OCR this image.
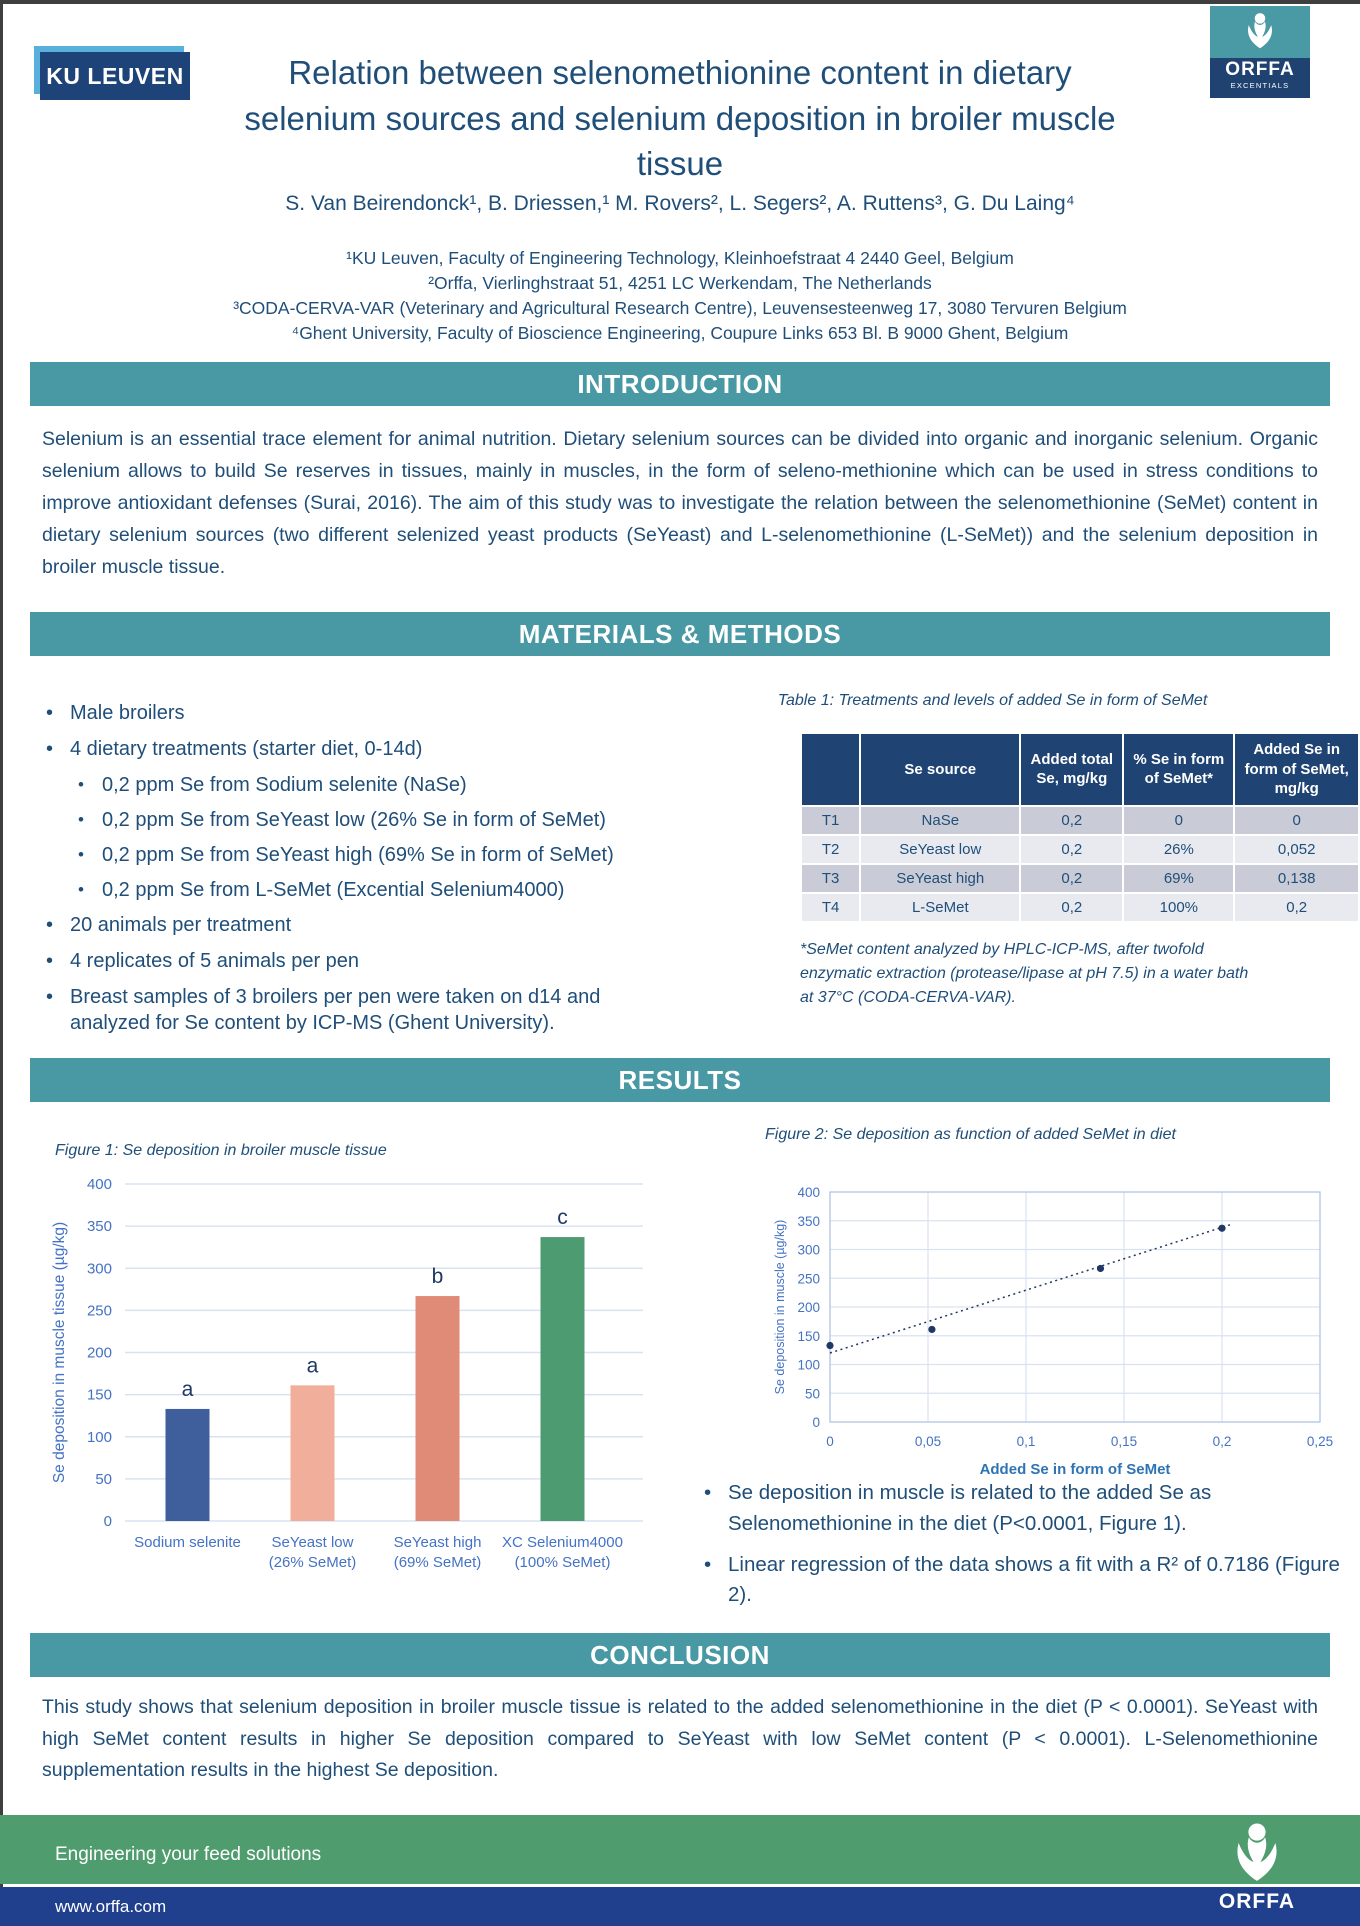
KU LEUVEN	ORFFA
EXCENTIALS
Relation between selenomethionine content in dietary
selenium sources and selenium deposition in broiler muscle
tissue
S. Van Beirendonck¹, B. Driessen,¹ M. Rovers², L. Segers², A. Ruttens³, G. Du Laing⁴
¹KU Leuven, Faculty of Engineering Technology, Kleinhoefstraat 4 2440 Geel, Belgium
²Orffa, Vierlinghstraat 51, 4251 LC Werkendam, The Netherlands
³CODA-CERVA-VAR (Veterinary and Agricultural Research Centre), Leuvensesteenweg 17, 3080 Tervuren Belgium
⁴Ghent University, Faculty of Bioscience Engineering, Coupure Links 653 Bl. B 9000 Ghent, Belgium
INTRODUCTION
Selenium is an essential trace element for animal nutrition. Dietary selenium sources can be divided into organic and inorganic selenium. Organic selenium allows to build Se reserves in tissues, mainly in muscles, in the form of seleno-methionine which can be used in stress conditions to improve antioxidant defenses (Surai, 2016). The aim of this study was to investigate the relation between the selenomethionine (SeMet) content in dietary selenium sources (two different selenized yeast products (SeYeast) and L-selenomethionine (L-SeMet)) and the selenium deposition in broiler muscle tissue.
MATERIALS & METHODS
• Male broilers
• 4 dietary treatments (starter diet, 0-14d)
• 0,2 ppm Se from Sodium selenite (NaSe)
• 0,2 ppm Se from SeYeast low (26% Se in form of SeMet)
• 0,2 ppm Se from SeYeast high (69% Se in form of SeMet)
• 0,2 ppm Se from L-SeMet (Excential Selenium4000)
• 20 animals per treatment
• 4 replicates of 5 animals per pen
• Breast samples of 3 broilers per pen were taken on d14 and analyzed for Se content by ICP-MS (Ghent University).
Table 1: Treatments and levels of added Se in form of SeMet
	Se source	Added total Se, mg/kg	% Se in form of SeMet*	Added Se in form of SeMet, mg/kg
T1	NaSe	0,2	0	0
T2	SeYeast low	0,2	26%	0,052
T3	SeYeast high	0,2	69%	0,138
T4	L-SeMet	0,2	100%	0,2
*SeMet content analyzed by HPLC-ICP-MS, after twofold enzymatic extraction (protease/lipase at pH 7.5) in a water bath at 37°C (CODA-CERVA-VAR).
RESULTS
Figure 1: Se deposition in broiler muscle tissue
0
50
100
150
200
250
300
350
400
a
Sodium selenite
a
SeYeast low
(26% SeMet)
b
SeYeast high
(69% SeMet)
c
XC Selenium4000
(100% SeMet)
Se deposition in muscle tissue (µg/kg)
Figure 2: Se deposition as function of added SeMet in diet
0
50
100
150
200
250
300
350
400
0	0,05	0,1	0,15	0,2	0,25
Added Se in form of SeMet
Se deposition in muscle (µg/kg)
• Se deposition in muscle is related to the added Se as Selenomethionine in the diet (P<0.0001, Figure 1).
• Linear regression of the data shows a fit with a R² of 0.7186 (Figure 2).
CONCLUSION
This study shows that selenium deposition in broiler muscle tissue is related to the added selenomethionine in the diet (P < 0.0001). SeYeast with high SeMet content results in higher Se deposition compared to SeYeast with low SeMet content (P < 0.0001). L-Selenomethionine supplementation results in the highest Se deposition.
Engineering your feed solutions
www.orffa.com	ORFFA
